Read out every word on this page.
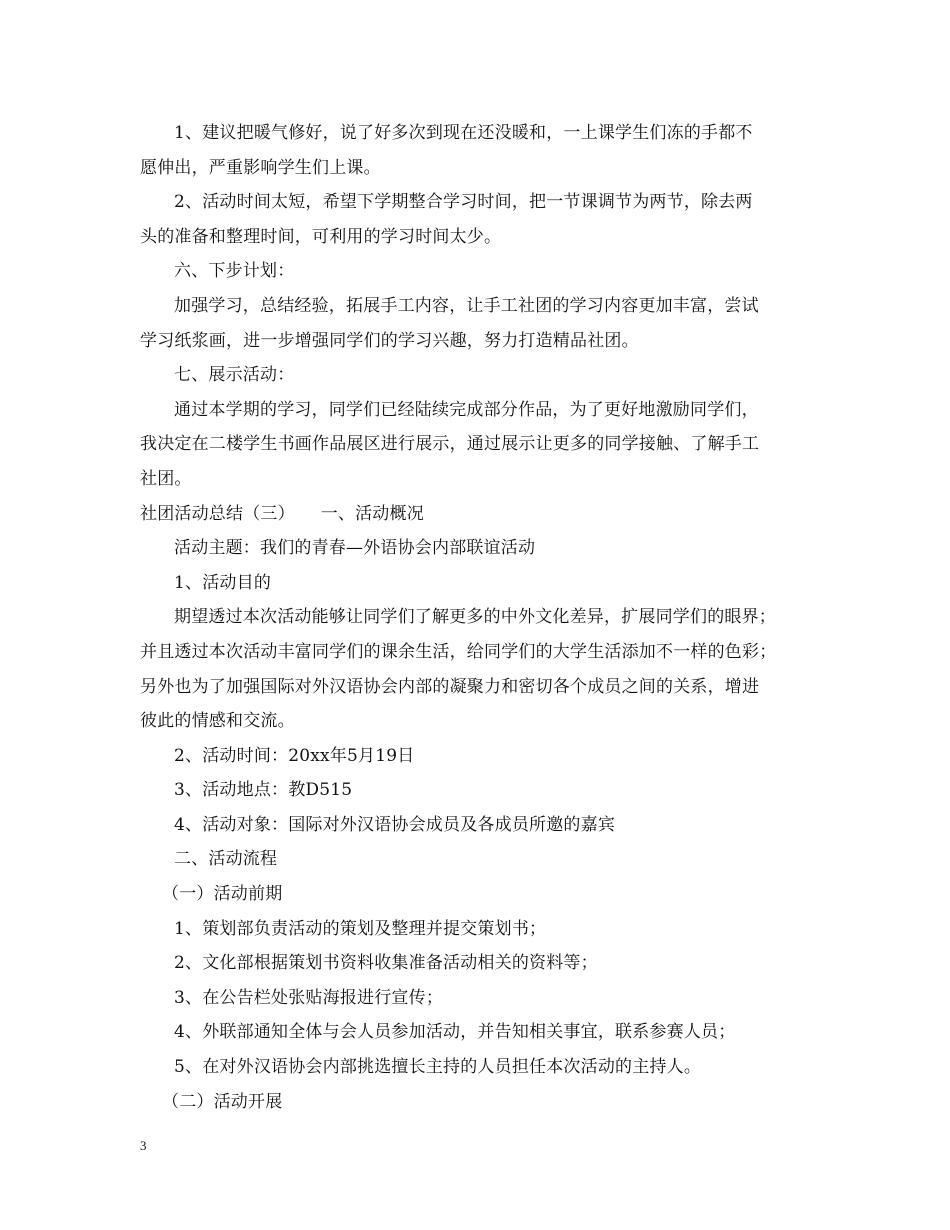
1、建议把暖气修好，说了好多次到现在还没暖和，一上课学生们冻的手都不
愿伸出，严重影响学生们上课。
2、活动时间太短，希望下学期整合学习时间，把一节课调节为两节，除去两
头的准备和整理时间，可利用的学习时间太少。
六、下步计划：
加强学习，总结经验，拓展手工内容，让手工社团的学习内容更加丰富，尝试
学习纸浆画，进一步增强同学们的学习兴趣，努力打造精品社团。
七、展示活动：
通过本学期的学习，同学们已经陆续完成部分作品，为了更好地激励同学们，
我决定在二楼学生书画作品展区进行展示，通过展示让更多的同学接触、了解手工
社团。
社团活动总结（三）　　一、活动概况
活动主题：我们的青春—外语协会内部联谊活动
1、活动目的
期望透过本次活动能够让同学们了解更多的中外文化差异，扩展同学们的眼界；
并且透过本次活动丰富同学们的课余生活，给同学们的大学生活添加不一样的色彩；
另外也为了加强国际对外汉语协会内部的凝聚力和密切各个成员之间的关系，增进
彼此的情感和交流。
2、活动时间：20xx年5月19日
3、活动地点：教D515
4、活动对象：国际对外汉语协会成员及各成员所邀的嘉宾
二、活动流程
（一）活动前期
1、策划部负责活动的策划及整理并提交策划书；
2、文化部根据策划书资料收集准备活动相关的资料等；
3、在公告栏处张贴海报进行宣传；
4、外联部通知全体与会人员参加活动，并告知相关事宜，联系参赛人员；
5、在对外汉语协会内部挑选擅长主持的人员担任本次活动的主持人。
（二）活动开展
3
